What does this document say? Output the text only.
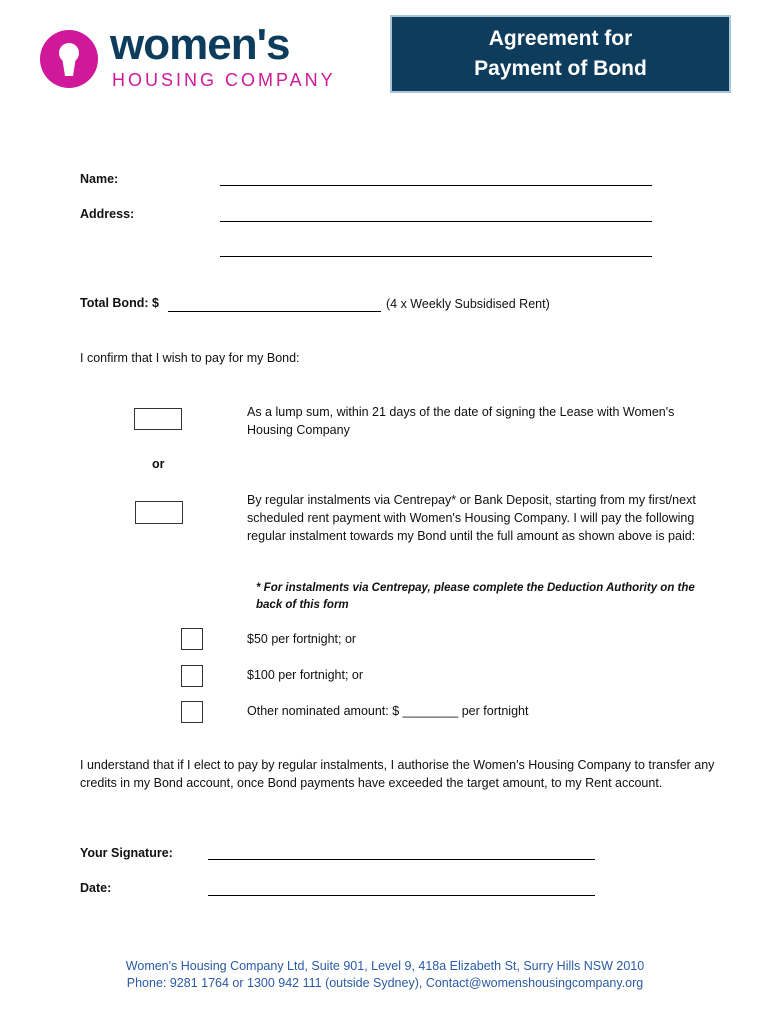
women's
HOUSING COMPANY
Agreement for
Payment of Bond
Name:
Address:
Total Bond: $	(4 x Weekly Subsidised Rent)
I confirm that I wish to pay for my Bond:
As a lump sum, within 21 days of the date of signing the Lease with Women's Housing Company
or
By regular instalments via Centrepay* or Bank Deposit, starting from my first/next scheduled rent payment with Women's Housing Company. I will pay the following regular instalment towards my Bond until the full amount as shown above is paid:
* For instalments via Centrepay, please complete the Deduction Authority on the back of this form
$50 per fortnight; or
$100 per fortnight; or
Other nominated amount: $ ________ per fortnight
I understand that if I elect to pay by regular instalments, I authorise the Women's Housing Company to transfer any credits in my Bond account, once Bond payments have exceeded the target amount, to my Rent account.
Your Signature:
Date:
Women's Housing Company Ltd, Suite 901, Level 9, 418a Elizabeth St, Surry Hills NSW 2010
Phone: 9281 1764 or 1300 942 111 (outside Sydney), Contact@womenshousingcompany.org
